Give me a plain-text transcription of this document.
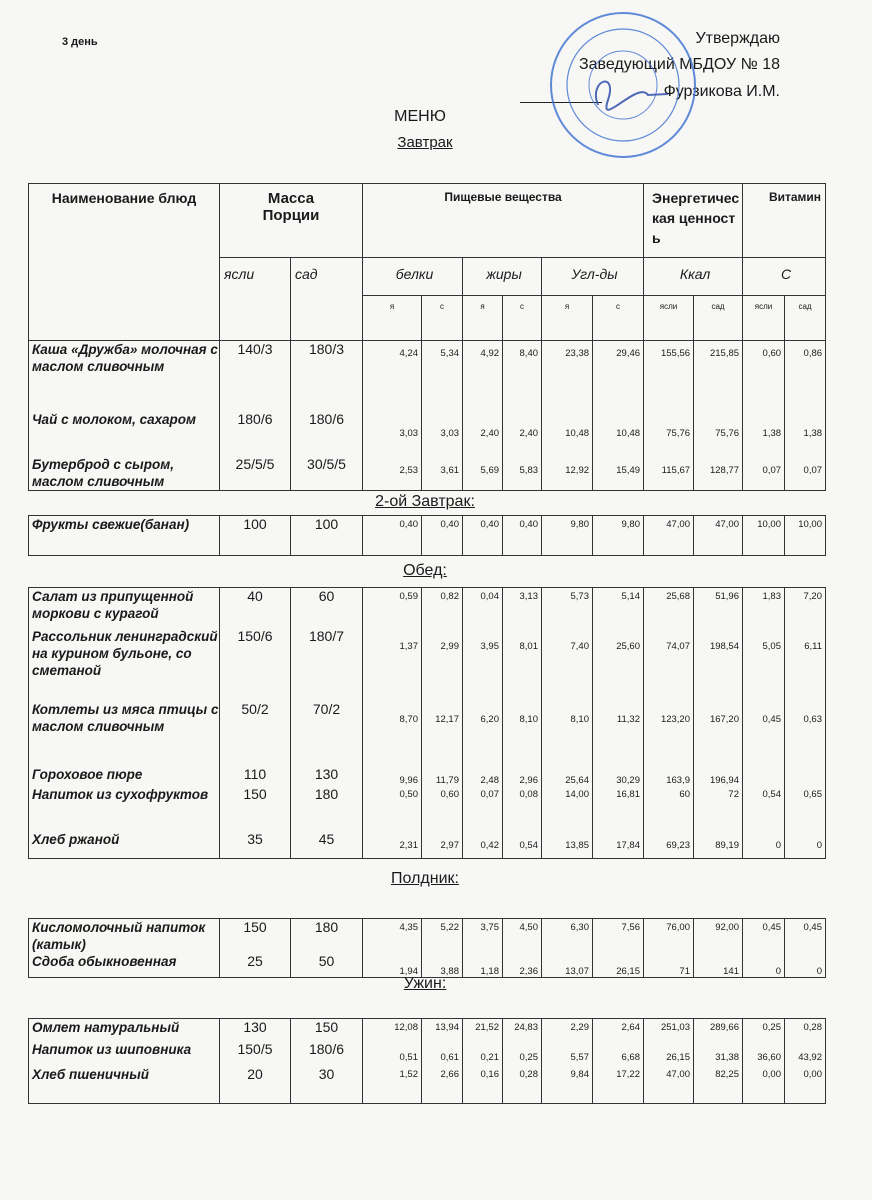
3 день	Утверждаю
Заведующий МБДОУ № 18
Фурзикова И.М.
МЕНЮ
Завтрак
Наименование блюд	Масса Порции		Пищевые вещества						Энергетическая ценность		Витамин	
	ясли	сад	белки		жиры		Угл-ды		Ккал		С	
			я	с	я	с	я	с	ясли	сад	ясли	сад
Каша «Дружба» молочная с маслом сливочным	140/3	180/3	4,24	5,34	4,92	8,40	23,38	29,46	155,56	215,85	0,60	0,86
Чай с молоком, сахаром	180/6	180/6	3,03	3,03	2,40	2,40	10,48	10,48	75,76	75,76	1,38	1,38
Бутерброд с сыром, маслом сливочным	25/5/5	30/5/5	2,53	3,61	5,69	5,83	12,92	15,49	115,67	128,77	0,07	0,07
2-ой Завтрак:
Фрукты свежие(банан)	100	100	0,40	0,40	0,40	0,40	9,80	9,80	47,00	47,00	10,00	10,00
Обед:
Салат из припущенной моркови с курагой	40	60	0,59	0,82	0,04	3,13	5,73	5,14	25,68	51,96	1,83	7,20
Рассольник ленинградский на курином бульоне, со сметаной	150/6	180/7	1,37	2,99	3,95	8,01	7,40	25,60	74,07	198,54	5,05	6,11
Котлеты из мяса птицы с маслом сливочным	50/2	70/2	8,70	12,17	6,20	8,10	8,10	11,32	123,20	167,20	0,45	0,63
Гороховое пюре	110	130	9,96	11,79	2,48	2,96	25,64	30,29	163,9	196,94		
Напиток из сухофруктов	150	180	0,50	0,60	0,07	0,08	14,00	16,81	60	72	0,54	0,65
Хлеб ржаной	35	45	2,31	2,97	0,42	0,54	13,85	17,84	69,23	89,19	0	0
Полдник:
Кисломолочный напиток (катык)	150	180	4,35	5,22	3,75	4,50	6,30	7,56	76,00	92,00	0,45	0,45
Сдоба обыкновенная	25	50	1,94	3,88	1,18	2,36	13,07	26,15	71	141	0	0
Ужин:
Омлет натуральный	130	150	12,08	13,94	21,52	24,83	2,29	2,64	251,03	289,66	0,25	0,28
Напиток из шиповника	150/5	180/6	0,51	0,61	0,21	0,25	5,57	6,68	26,15	31,38	36,60	43,92
Хлеб пшеничный	20	30	1,52	2,66	0,16	0,28	9,84	17,22	47,00	82,25	0,00	0,00
